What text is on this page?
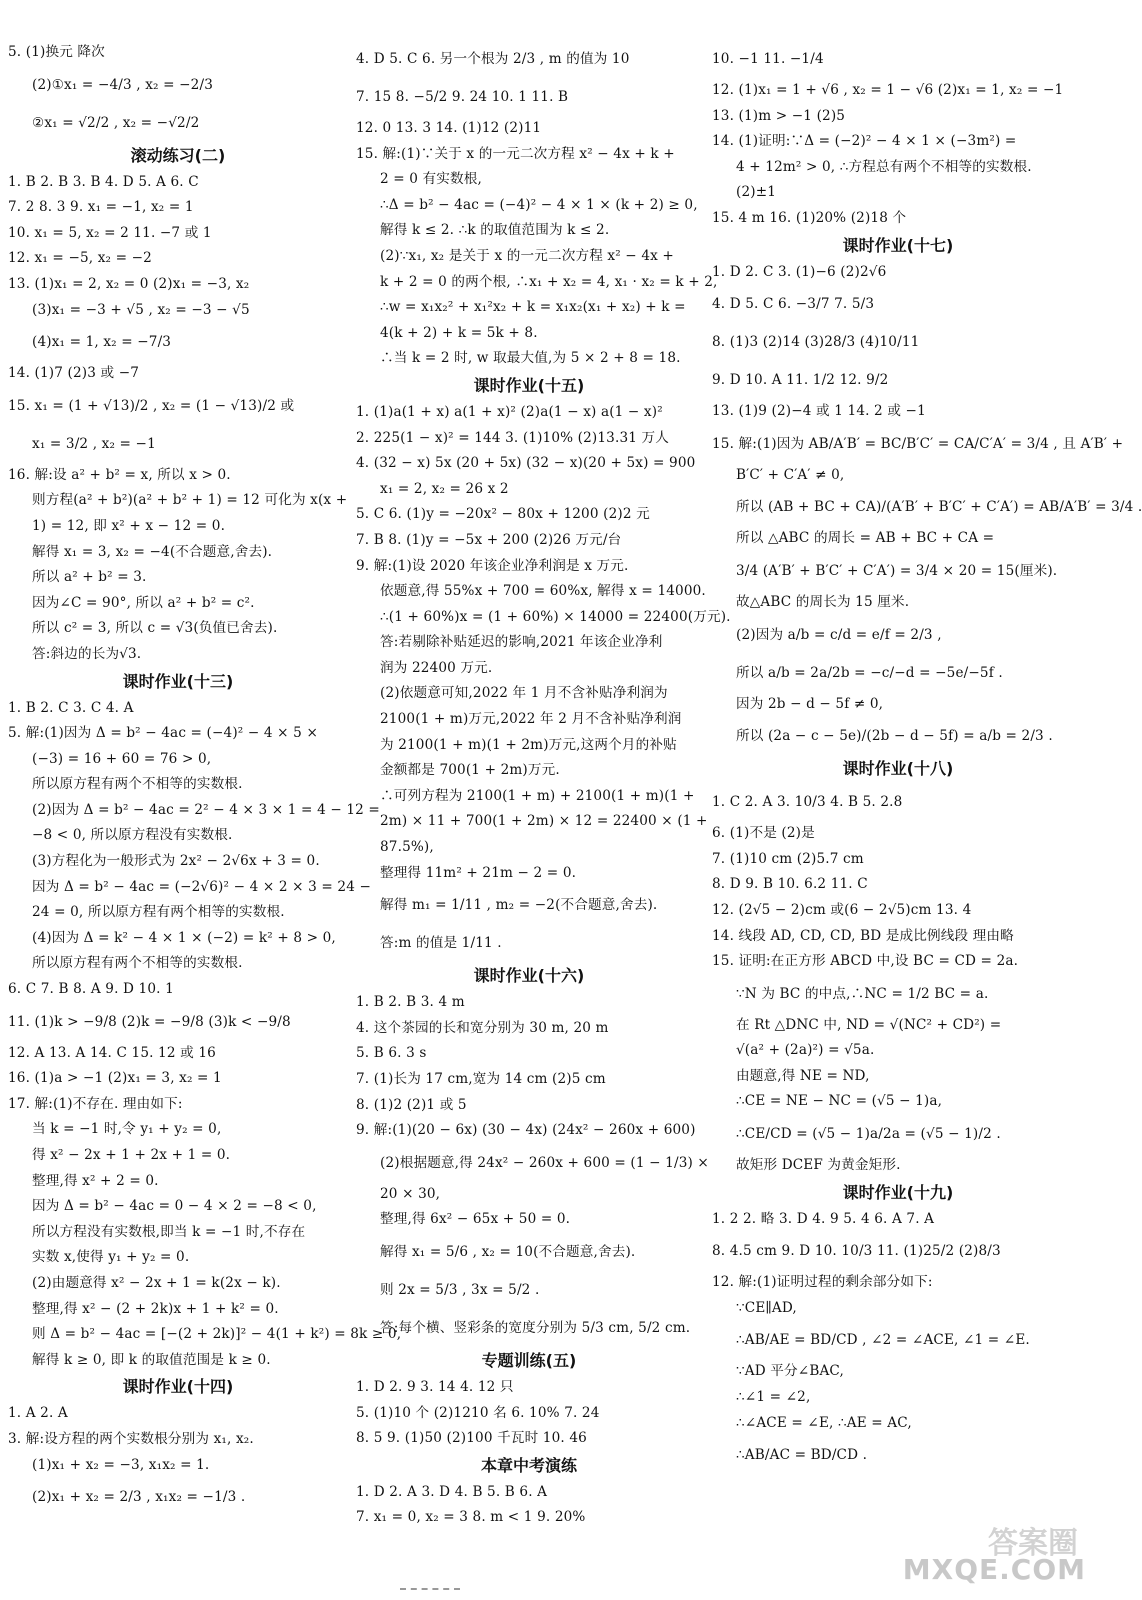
5. (1)换元 降次
(2)①x₁ = −4/3 , x₂ = −2/3
②x₁ = √2/2 , x₂ = −√2/2
滚动练习(二)
1. B 2. B 3. B 4. D 5. A 6. C
7. 2 8. 3 9. x₁ = −1, x₂ = 1
10. x₁ = 5, x₂ = 2 11. −7 或 1
12. x₁ = −5, x₂ = −2
13. (1)x₁ = 2, x₂ = 0 (2)x₁ = −3, x₂
(3)x₁ = −3 + √5 , x₂ = −3 − √5
(4)x₁ = 1, x₂ = −7/3
14. (1)7 (2)3 或 −7
15. x₁ = (1 + √13)/2 , x₂ = (1 − √13)/2 或
x₁ = 3/2 , x₂ = −1
16. 解:设 a² + b² = x, 所以 x > 0.
则方程(a² + b²)(a² + b² + 1) = 12 可化为 x(x +
1) = 12, 即 x² + x − 12 = 0.
解得 x₁ = 3, x₂ = −4(不合题意,舍去).
所以 a² + b² = 3.
因为∠C = 90°, 所以 a² + b² = c².
所以 c² = 3, 所以 c = √3(负值已舍去).
答:斜边的长为√3.
课时作业(十三)
1. B 2. C 3. C 4. A
5. 解:(1)因为 Δ = b² − 4ac = (−4)² − 4 × 5 ×
(−3) = 16 + 60 = 76 > 0,
所以原方程有两个不相等的实数根.
(2)因为 Δ = b² − 4ac = 2² − 4 × 3 × 1 = 4 − 12 =
−8 < 0, 所以原方程没有实数根.
(3)方程化为一般形式为 2x² − 2√6x + 3 = 0.
因为 Δ = b² − 4ac = (−2√6)² − 4 × 2 × 3 = 24 −
24 = 0, 所以原方程有两个相等的实数根.
(4)因为 Δ = k² − 4 × 1 × (−2) = k² + 8 > 0,
所以原方程有两个不相等的实数根.
6. C 7. B 8. A 9. D 10. 1
11. (1)k > −9/8 (2)k = −9/8 (3)k < −9/8
12. A 13. A 14. C 15. 12 或 16
16. (1)a > −1 (2)x₁ = 3, x₂ = 1
17. 解:(1)不存在. 理由如下:
当 k = −1 时,令 y₁ + y₂ = 0,
得 x² − 2x + 1 + 2x + 1 = 0.
整理,得 x² + 2 = 0.
因为 Δ = b² − 4ac = 0 − 4 × 2 = −8 < 0,
所以方程没有实数根,即当 k = −1 时,不存在
实数 x,使得 y₁ + y₂ = 0.
(2)由题意得 x² − 2x + 1 = k(2x − k).
整理,得 x² − (2 + 2k)x + 1 + k² = 0.
则 Δ = b² − 4ac = [−(2 + 2k)]² − 4(1 + k²) = 8k ≥ 0,
解得 k ≥ 0, 即 k 的取值范围是 k ≥ 0.
课时作业(十四)
1. A 2. A
3. 解:设方程的两个实数根分别为 x₁, x₂.
(1)x₁ + x₂ = −3, x₁x₂ = 1.
(2)x₁ + x₂ = 2/3 , x₁x₂ = −1/3 .
4. D 5. C 6. 另一个根为 2/3 , m 的值为 10
7. 15 8. −5/2 9. 24 10. 1 11. B
12. 0 13. 3 14. (1)12 (2)11
15. 解:(1)∵关于 x 的一元二次方程 x² − 4x + k +
2 = 0 有实数根,
∴Δ = b² − 4ac = (−4)² − 4 × 1 × (k + 2) ≥ 0,
解得 k ≤ 2. ∴k 的取值范围为 k ≤ 2.
(2)∵x₁, x₂ 是关于 x 的一元二次方程 x² − 4x +
k + 2 = 0 的两个根, ∴x₁ + x₂ = 4, x₁ · x₂ = k + 2,
∴w = x₁x₂² + x₁²x₂ + k = x₁x₂(x₁ + x₂) + k =
4(k + 2) + k = 5k + 8.
∴当 k = 2 时, w 取最大值,为 5 × 2 + 8 = 18.
课时作业(十五)
1. (1)a(1 + x) a(1 + x)² (2)a(1 − x) a(1 − x)²
2. 225(1 − x)² = 144 3. (1)10% (2)13.31 万人
4. (32 − x) 5x (20 + 5x) (32 − x)(20 + 5x) = 900
x₁ = 2, x₂ = 26 x 2
5. C 6. (1)y = −20x² − 80x + 1200 (2)2 元
7. B 8. (1)y = −5x + 200 (2)26 万元/台
9. 解:(1)设 2020 年该企业净利润是 x 万元.
依题意,得 55%x + 700 = 60%x, 解得 x = 14000.
∴(1 + 60%)x = (1 + 60%) × 14000 = 22400(万元).
答:若剔除补贴延迟的影响,2021 年该企业净利
润为 22400 万元.
(2)依题意可知,2022 年 1 月不含补贴净利润为
2100(1 + m)万元,2022 年 2 月不含补贴净利润
为 2100(1 + m)(1 + 2m)万元,这两个月的补贴
金额都是 700(1 + 2m)万元.
∴可列方程为 2100(1 + m) + 2100(1 + m)(1 +
2m) × 11 + 700(1 + 2m) × 12 = 22400 × (1 +
87.5%),
整理得 11m² + 21m − 2 = 0.
解得 m₁ = 1/11 , m₂ = −2(不合题意,舍去).
答:m 的值是 1/11 .
课时作业(十六)
1. B 2. B 3. 4 m
4. 这个茶园的长和宽分别为 30 m, 20 m
5. B 6. 3 s
7. (1)长为 17 cm,宽为 14 cm (2)5 cm
8. (1)2 (2)1 或 5
9. 解:(1)(20 − 6x) (30 − 4x) (24x² − 260x + 600)
(2)根据题意,得 24x² − 260x + 600 = (1 − 1/3) ×
20 × 30,
整理,得 6x² − 65x + 50 = 0.
解得 x₁ = 5/6 , x₂ = 10(不合题意,舍去).
则 2x = 5/3 , 3x = 5/2 .
答:每个横、竖彩条的宽度分别为 5/3 cm, 5/2 cm.
专题训练(五)
1. D 2. 9 3. 14 4. 12 只
5. (1)10 个 (2)1210 名 6. 10% 7. 24
8. 5 9. (1)50 (2)100 千瓦时 10. 46
本章中考演练
1. D 2. A 3. D 4. B 5. B 6. A
7. x₁ = 0, x₂ = 3 8. m < 1 9. 20%
10. −1 11. −1/4
12. (1)x₁ = 1 + √6 , x₂ = 1 − √6 (2)x₁ = 1, x₂ = −1
13. (1)m > −1 (2)5
14. (1)证明:∵Δ = (−2)² − 4 × 1 × (−3m²) =
4 + 12m² > 0, ∴方程总有两个不相等的实数根.
(2)±1
15. 4 m 16. (1)20% (2)18 个
课时作业(十七)
1. D 2. C 3. (1)−6 (2)2√6
4. D 5. C 6. −3/7 7. 5/3
8. (1)3 (2)14 (3)28/3 (4)10/11
9. D 10. A 11. 1/2 12. 9/2
13. (1)9 (2)−4 或 1 14. 2 或 −1
15. 解:(1)因为 AB/A′B′ = BC/B′C′ = CA/C′A′ = 3/4 , 且 A′B′ +
B′C′ + C′A′ ≠ 0,
所以 (AB + BC + CA)/(A′B′ + B′C′ + C′A′) = AB/A′B′ = 3/4 .
所以 △ABC 的周长 = AB + BC + CA =
3/4 (A′B′ + B′C′ + C′A′) = 3/4 × 20 = 15(厘米).
故△ABC 的周长为 15 厘米.
(2)因为 a/b = c/d = e/f = 2/3 ,
所以 a/b = 2a/2b = −c/−d = −5e/−5f .
因为 2b − d − 5f ≠ 0,
所以 (2a − c − 5e)/(2b − d − 5f) = a/b = 2/3 .
课时作业(十八)
1. C 2. A 3. 10/3 4. B 5. 2.8
6. (1)不是 (2)是
7. (1)10 cm (2)5.7 cm
8. D 9. B 10. 6.2 11. C
12. (2√5 − 2)cm 或(6 − 2√5)cm 13. 4
14. 线段 AD, CD, CD, BD 是成比例线段 理由略
15. 证明:在正方形 ABCD 中,设 BC = CD = 2a.
∵N 为 BC 的中点,∴NC = 1/2 BC = a.
在 Rt △DNC 中, ND = √(NC² + CD²) =
√(a² + (2a)²) = √5a.
由题意,得 NE = ND,
∴CE = NE − NC = (√5 − 1)a,
∴CE/CD = (√5 − 1)a/2a = (√5 − 1)/2 .
故矩形 DCEF 为黄金矩形.
课时作业(十九)
1. 2 2. 略 3. D 4. 9 5. 4 6. A 7. A
8. 4.5 cm 9. D 10. 10/3 11. (1)25/2 (2)8/3
12. 解:(1)证明过程的剩余部分如下:
∵CE∥AD,
∴AB/AE = BD/CD , ∠2 = ∠ACE, ∠1 = ∠E.
∵AD 平分∠BAC,
∴∠1 = ∠2,
∴∠ACE = ∠E, ∴AE = AC,
∴AB/AC = BD/CD .
答案圈
MXQE.COM
